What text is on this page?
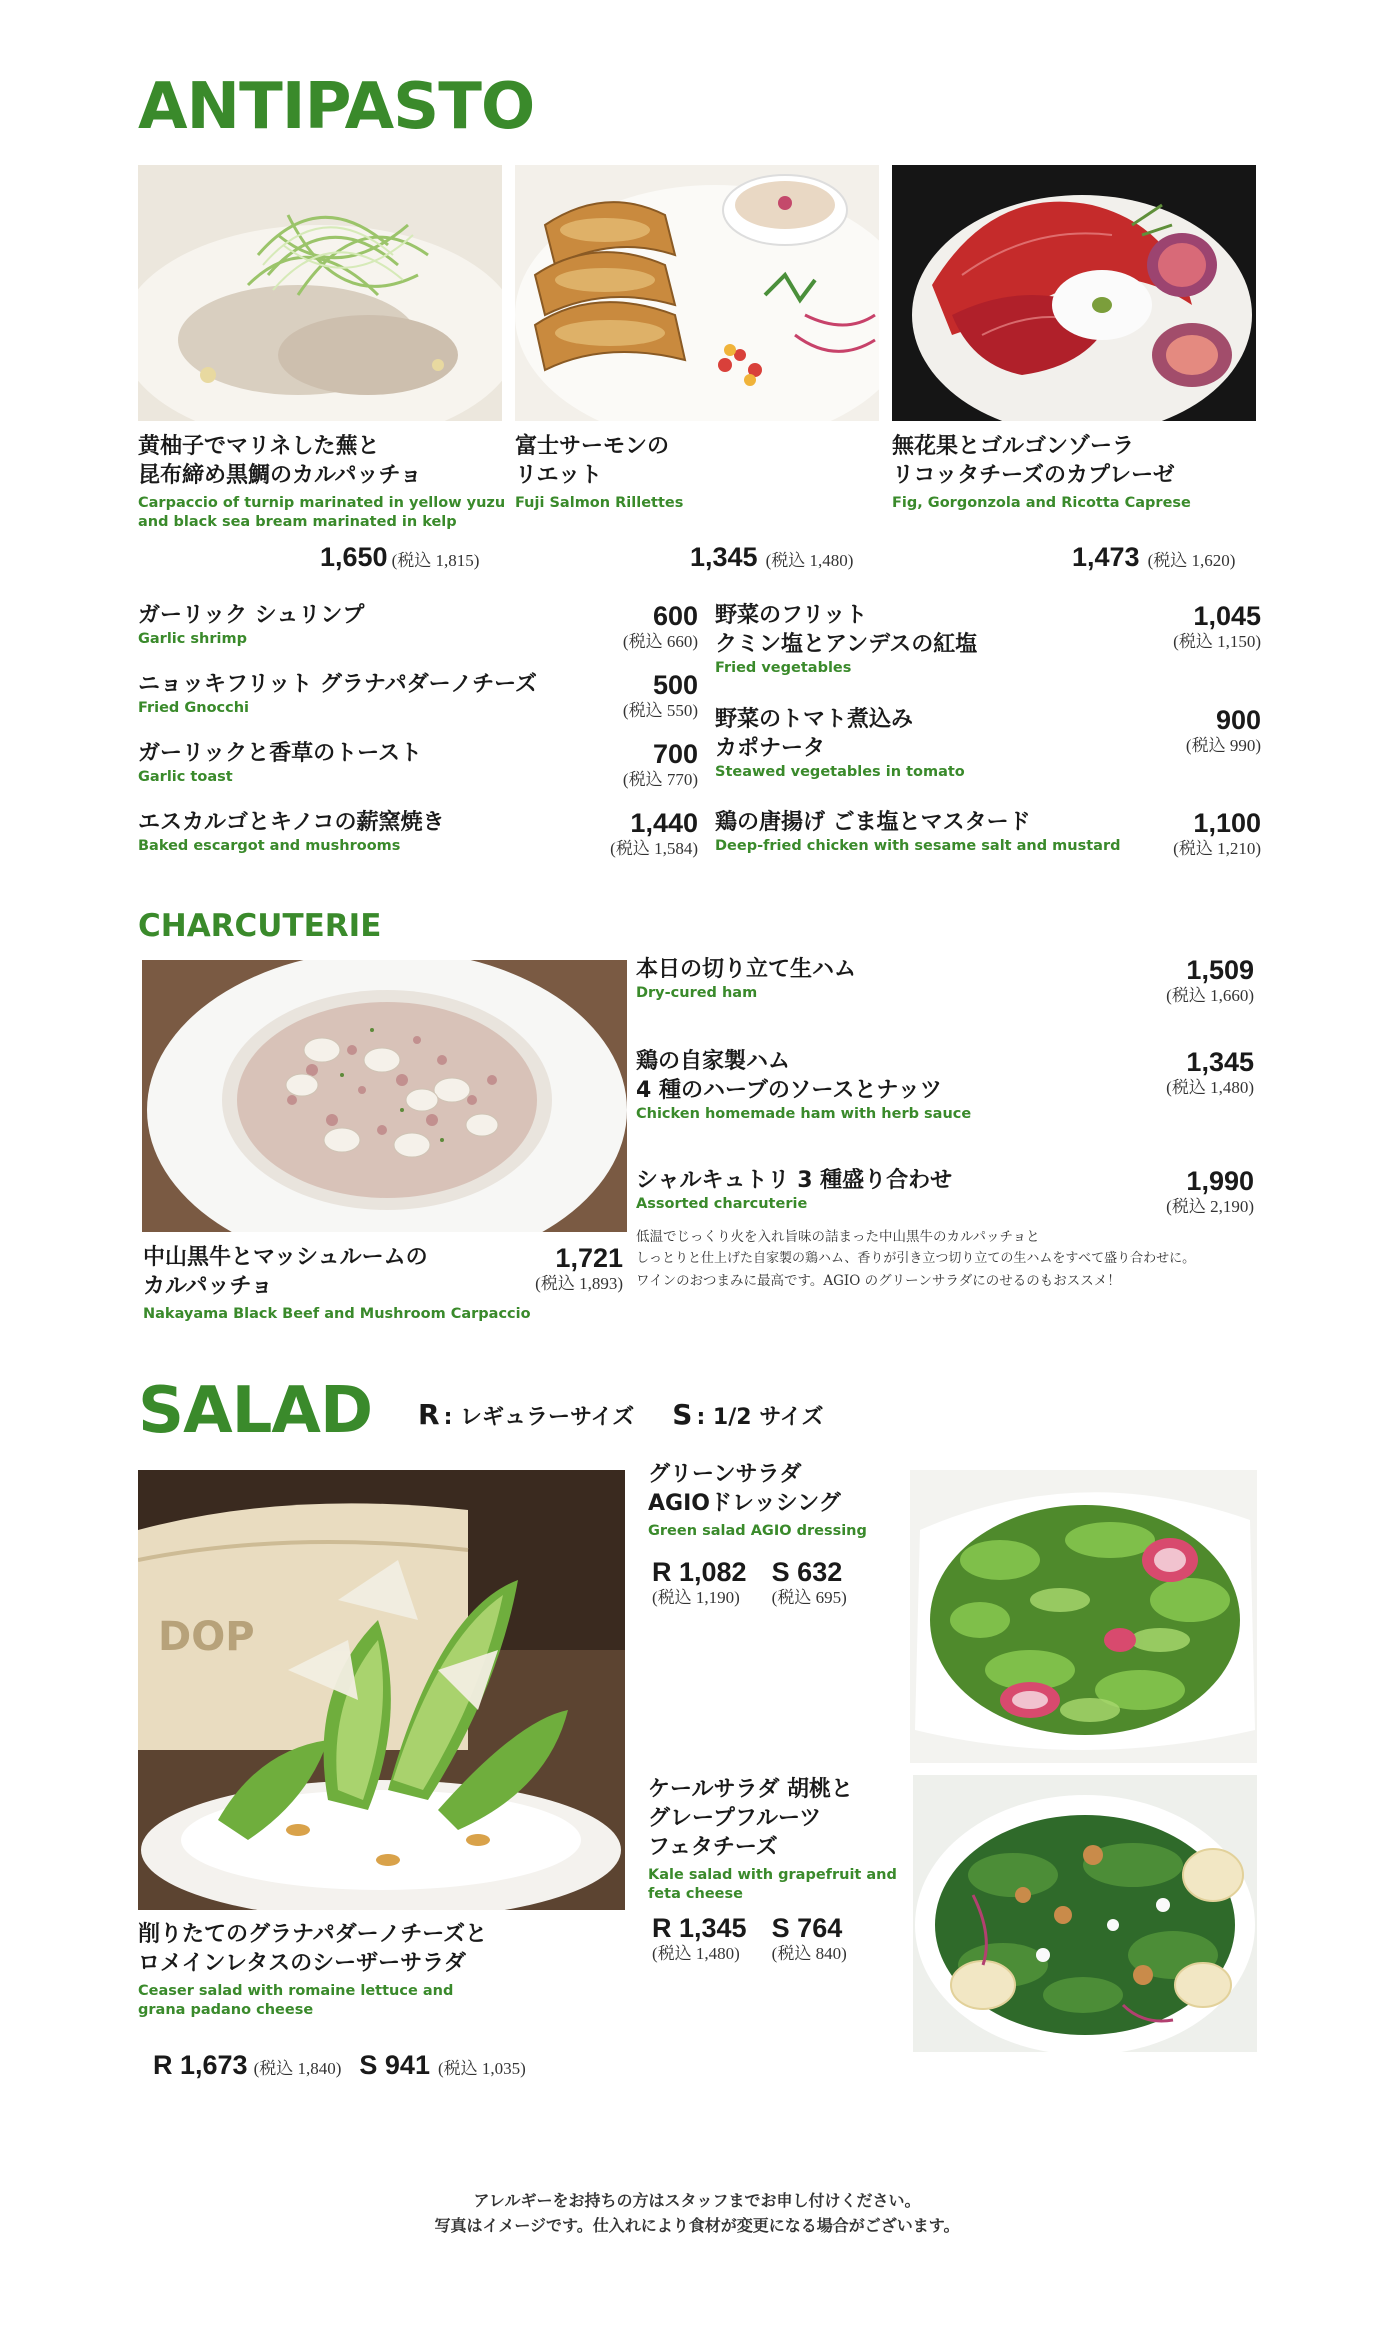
ANTIPASTO
黄柚子でマリネした蕪と
昆布締め黒鯛のカルパッチョ
Carpaccio of turnip marinated in yellow yuzu
and black sea bream marinated in kelp
富士サーモンの
リエット
Fuji Salmon Rillettes
無花果とゴルゴンゾーラ
リコッタチーズのカプレーゼ
Fig, Gorgonzola and Ricotta Caprese
1,650 (税込 1,815)	1,345 (税込 1,480)	1,473 (税込 1,620)
ガーリック シュリンプ
Garlic shrimp
600
(税込 660)
ニョッキフリット グラナパダーノチーズ
Fried Gnocchi
500
(税込 550)
ガーリックと香草のトースト
Garlic toast
700
(税込 770)
エスカルゴとキノコの薪窯焼き
Baked escargot and mushrooms
1,440
(税込 1,584)
野菜のフリット
クミン塩とアンデスの紅塩
Fried vegetables
1,045
(税込 1,150)
野菜のトマト煮込み
カポナータ
Steawed vegetables in tomato
900
(税込 990)
鶏の唐揚げ ごま塩とマスタード
Deep-fried chicken with sesame salt and mustard
1,100
(税込 1,210)
CHARCUTERIE
中山黒牛とマッシュルームの
カルパッチョ
Nakayama Black Beef and Mushroom Carpaccio
1,721
(税込 1,893)
本日の切り立て生ハム
Dry-cured ham
1,509
(税込 1,660)
鶏の自家製ハム
4 種のハーブのソースとナッツ
Chicken homemade ham with herb sauce
1,345
(税込 1,480)
シャルキュトリ 3 種盛り合わせ
Assorted charcuterie
1,990
(税込 2,190)
低温でじっくり火を入れ旨味の詰まった中山黒牛のカルパッチョと
しっとりと仕上げた自家製の鶏ハム、香りが引き立つ切り立ての生ハムをすべて盛り合わせに。
ワインのおつまみに最高です。AGIO のグリーンサラダにのせるのもおススメ！
SALAD R : レギュラーサイズ S : 1/2 サイズ
DOP
削りたてのグラナパダーノチーズと
ロメインレタスのシーザーサラダ
Ceaser salad with romaine lettuce and
grana padano cheese
R 1,673 (税込 1,840) S 941 (税込 1,035)
グリーンサラダ
AGIOドレッシング
Green salad AGIO dressing
R 1,082
(税込 1,190)

S 632
(税込 695)
ケールサラダ 胡桃と
グレープフルーツ
フェタチーズ
Kale salad with grapefruit and
feta cheese
R 1,345
(税込 1,480)

S 764
(税込 840)
アレルギーをお持ちの方はスタッフまでお申し付けください。
写真はイメージです。仕入れにより食材が変更になる場合がございます。
